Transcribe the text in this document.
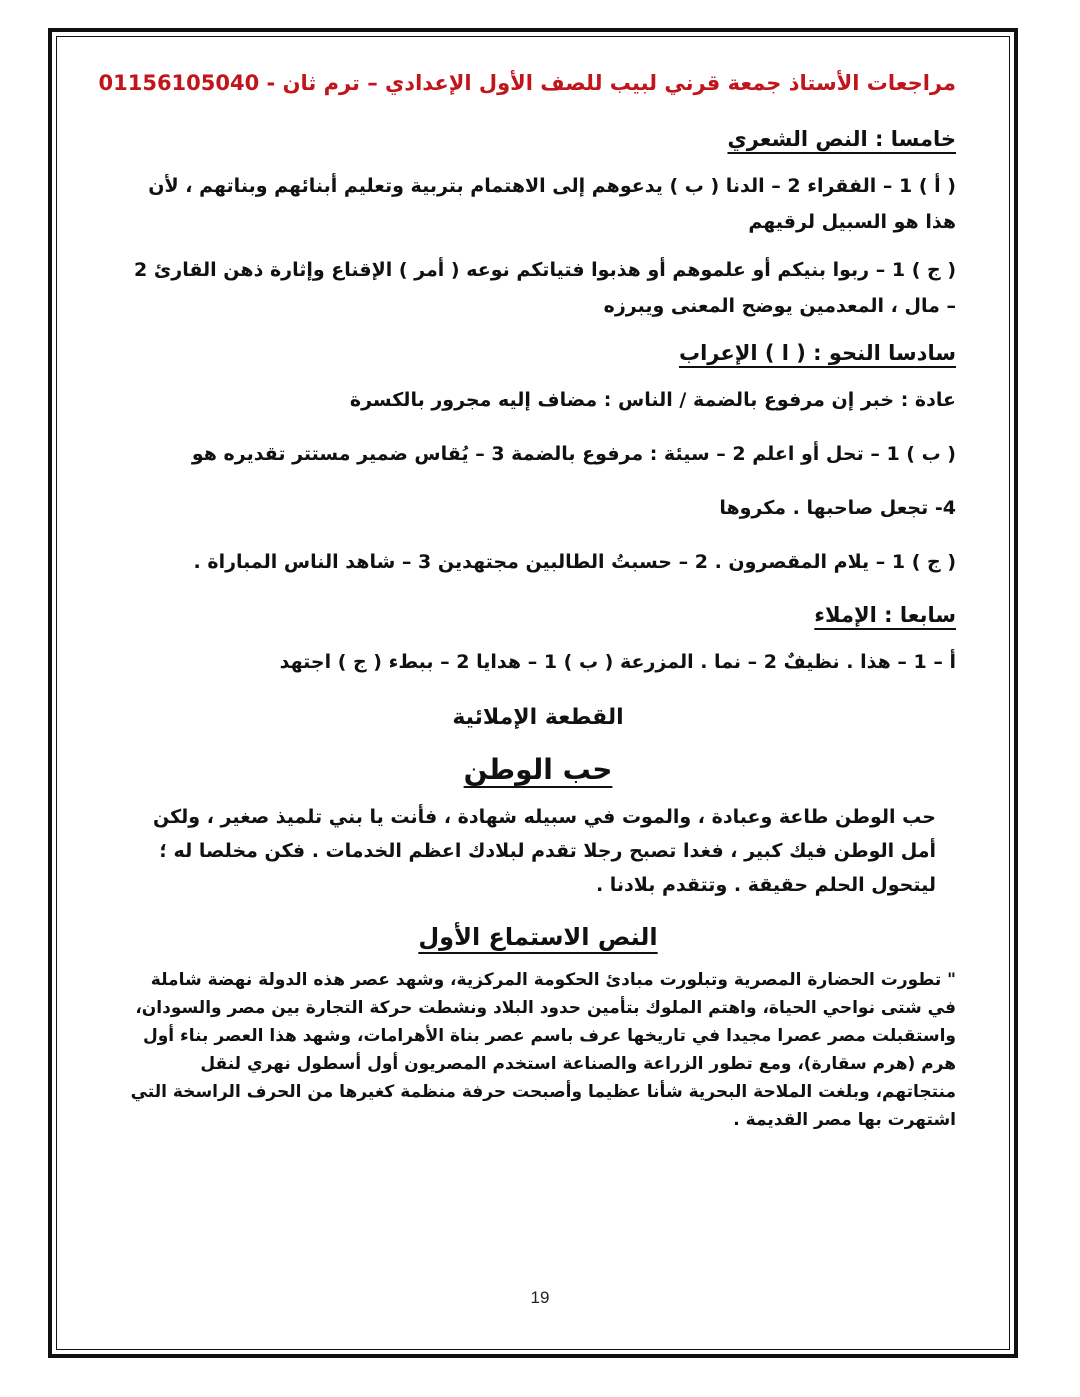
مراجعات الأستاذ جمعة قرني لبيب للصف الأول الإعدادي – ترم ثان - 01156105040
خامسا : النص الشعري

( أ ) 1 – الفقراء 2 – الدنا ( ب ) يدعوهم إلى الاهتمام بتربية وتعليم أبنائهم وبناتهم ، لأن هذا هو السبيل لرقيهم

( ج ) 1 – ربوا بنيكم أو علموهم أو هذبوا فتياتكم نوعه ( أمر ) الإقناع وإثارة ذهن القارئ 2 – مال ، المعدمين يوضح المعنى ويبرزه

سادسا النحو : ( ا ) الإعراب

عادة : خبر إن مرفوع بالضمة / الناس : مضاف إليه مجرور بالكسرة

( ب ) 1 – تحل أو اعلم 2 – سيئة : مرفوع بالضمة 3 – يُقاس ضمير مستتر تقديره هو

4- تجعل صاحبها . مكروها

( ج ) 1 – يلام المقصرون . 2 – حسبتُ الطالبين مجتهدين 3 – شاهد الناس المباراة .

سابعا : الإملاء

أ – 1 – هذا . نظيفٌ 2 – نما . المزرعة ( ب ) 1 – هدايا 2 – ببطء ( ج ) اجتهد

القطعة الإملائية
حب الوطن

حب الوطن طاعة وعبادة ، والموت في سبيله شهادة ، فأنت يا بني تلميذ صغير ، ولكن أمل الوطن فيك كبير ، فغدا تصبح رجلا تقدم لبلادك اعظم الخدمات . فكن مخلصا له ؛ ليتحول الحلم حقيقة . وتتقدم بلادنا .

النص الاستماع الأول

" تطورت الحضارة المصرية وتبلورت مبادئ الحكومة المركزية، وشهد عصر هذه الدولة نهضة شاملة في شتى نواحي الحياة، واهتم الملوك بتأمين حدود البلاد ونشطت حركة التجارة بين مصر والسودان، واستقبلت مصر عصرا مجيدا في تاريخها عرف باسم عصر بناة الأهرامات، وشهد هذا العصر بناء أول هرم (هرم سقارة)، ومع تطور الزراعة والصناعة استخدم المصريون أول أسطول نهري لنقل منتجاتهم، وبلغت الملاحة البحرية شأنا عظيما وأصبحت حرفة منظمة كغيرها من الحرف الراسخة التي اشتهرت بها مصر القديمة .

19
